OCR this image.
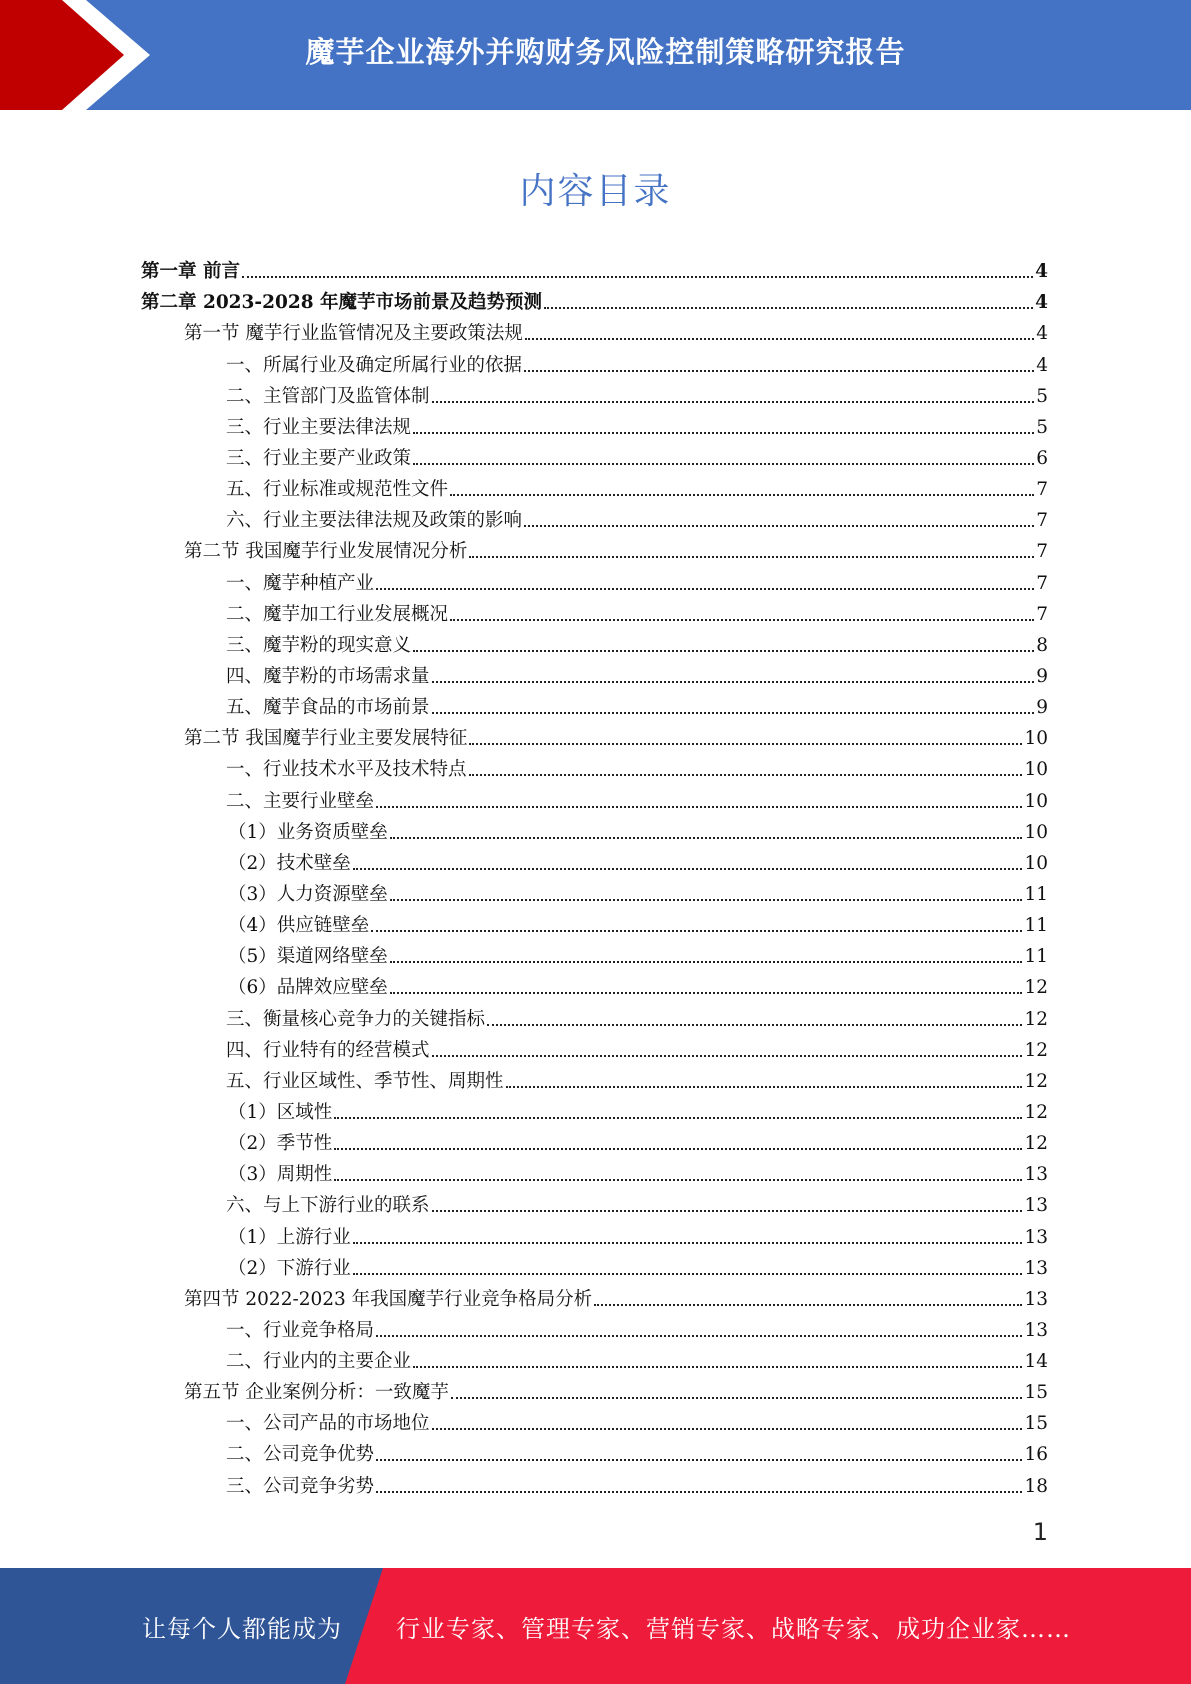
魔芋企业海外并购财务风险控制策略研究报告
内容目录
第一章 前言	4
第二章 2023-2028 年魔芋市场前景及趋势预测	4
第一节 魔芋行业监管情况及主要政策法规	4
一、所属行业及确定所属行业的依据	4
二、主管部门及监管体制	5
三、行业主要法律法规	5
三、行业主要产业政策	6
五、行业标准或规范性文件	7
六、行业主要法律法规及政策的影响	7
第二节 我国魔芋行业发展情况分析	7
一、魔芋种植产业	7
二、魔芋加工行业发展概况	7
三、魔芋粉的现实意义	8
四、魔芋粉的市场需求量	9
五、魔芋食品的市场前景	9
第二节 我国魔芋行业主要发展特征	10
一、行业技术水平及技术特点	10
二、主要行业壁垒	10
（1）业务资质壁垒	10
（2）技术壁垒	10
（3）人力资源壁垒	11
（4）供应链壁垒	11
（5）渠道网络壁垒	11
（6）品牌效应壁垒	12
三、衡量核心竞争力的关键指标	12
四、行业特有的经营模式	12
五、行业区域性、季节性、周期性	12
（1）区域性	12
（2）季节性	12
（3）周期性	13
六、与上下游行业的联系	13
（1）上游行业	13
（2）下游行业	13
第四节 2022-2023 年我国魔芋行业竞争格局分析	13
一、行业竞争格局	13
二、行业内的主要企业	14
第五节 企业案例分析：一致魔芋	15
一、公司产品的市场地位	15
二、公司竞争优势	16
三、公司竞争劣势	18
1
让每个人都能成为 行业专家、管理专家、营销专家、战略专家、成功企业家……
